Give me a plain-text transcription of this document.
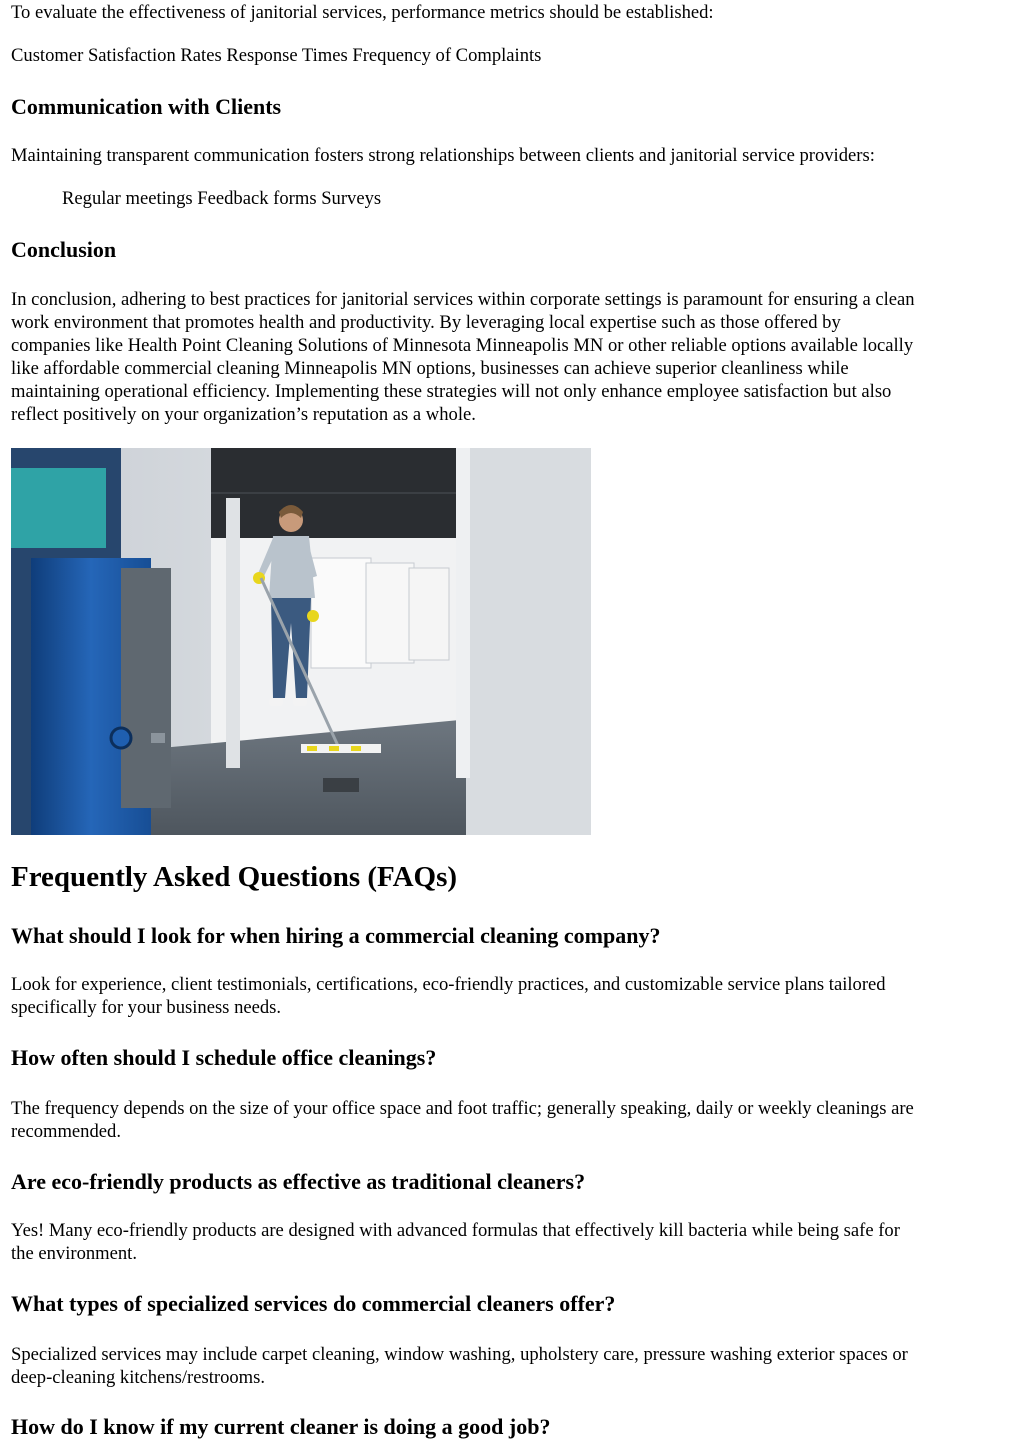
To evaluate the effectiveness of janitorial services, performance metrics should be established:

Customer Satisfaction Rates Response Times Frequency of Complaints

Communication with Clients

Maintaining transparent communication fosters strong relationships between clients and janitorial service providers:

Regular meetings Feedback forms Surveys

Conclusion

In conclusion, adhering to best practices for janitorial services within corporate settings is paramount for ensuring a clean

work environment that promotes health and productivity. By leveraging local expertise such as those offered by

companies like Health Point Cleaning Solutions of Minnesota Minneapolis MN or other reliable options available locally

like affordable commercial cleaning Minneapolis MN options, businesses can achieve superior cleanliness while

maintaining operational efficiency. Implementing these strategies will not only enhance employee satisfaction but also

reflect positively on your organization’s reputation as a whole.

Frequently Asked Questions (FAQs)
What should I look for when hiring a commercial cleaning company?

Look for experience, client testimonials, certifications, eco-friendly practices, and customizable service plans tailored

specifically for your business needs.

How often should I schedule office cleanings?

The frequency depends on the size of your office space and foot traffic; generally speaking, daily or weekly cleanings are

recommended.

Are eco-friendly products as effective as traditional cleaners?

Yes! Many eco-friendly products are designed with advanced formulas that effectively kill bacteria while being safe for

the environment.

What types of specialized services do commercial cleaners offer?

Specialized services may include carpet cleaning, window washing, upholstery care, pressure washing exterior spaces or

deep-cleaning kitchens/restrooms.

How do I know if my current cleaner is doing a good job?
